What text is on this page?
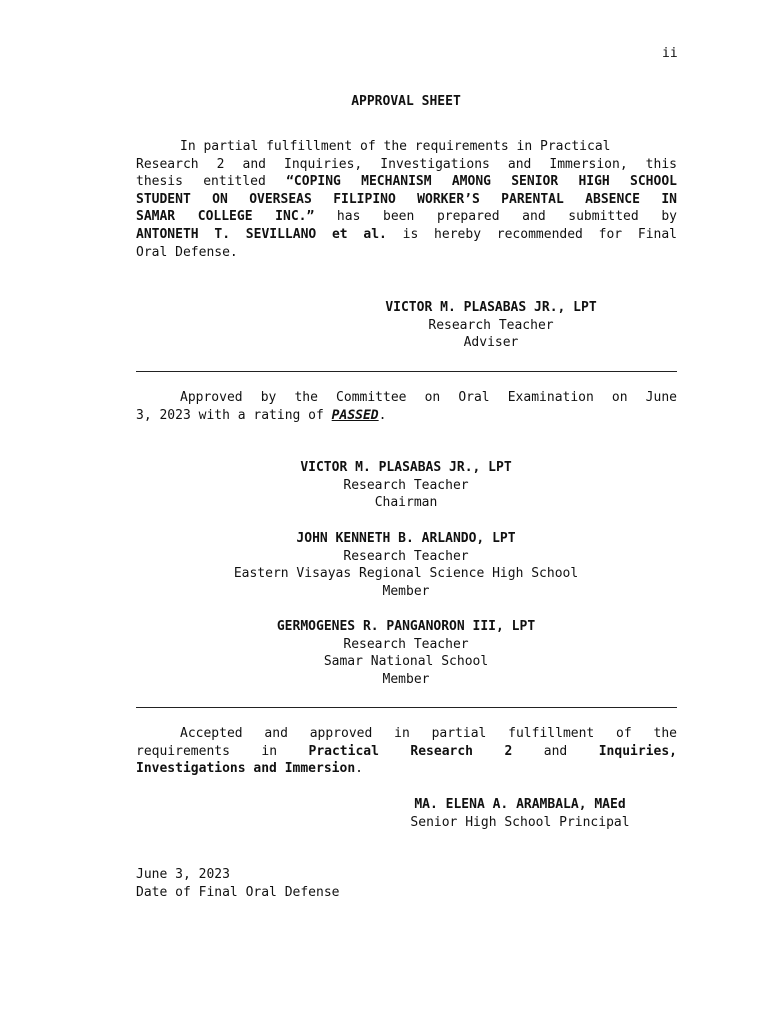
ii
APPROVAL SHEET
In partial fulfillment of the requirements in Practical
Research 2 and Inquiries, Investigations and Immersion, this
thesis entitled “COPING MECHANISM AMONG SENIOR HIGH SCHOOL
STUDENT ON OVERSEAS FILIPINO WORKER’S PARENTAL ABSENCE IN
SAMAR COLLEGE INC.” has been prepared and submitted by
ANTONETH T. SEVILLANO et al. is hereby recommended for Final
Oral Defense.
VICTOR M. PLASABAS JR., LPT
Research Teacher
Adviser
Approved by the Committee on Oral Examination on June
3, 2023 with a rating of PASSED.
VICTOR M. PLASABAS JR., LPT
Research Teacher
Chairman
JOHN KENNETH B. ARLANDO, LPT
Research Teacher
Eastern Visayas Regional Science High School
Member
GERMOGENES R. PANGANORON III, LPT
Research Teacher
Samar National School
Member
Accepted and approved in partial fulfillment of the
requirements in Practical Research 2 and Inquiries,
Investigations and Immersion.
MA. ELENA A. ARAMBALA, MAEd
Senior High School Principal
June 3, 2023
Date of Final Oral Defense
